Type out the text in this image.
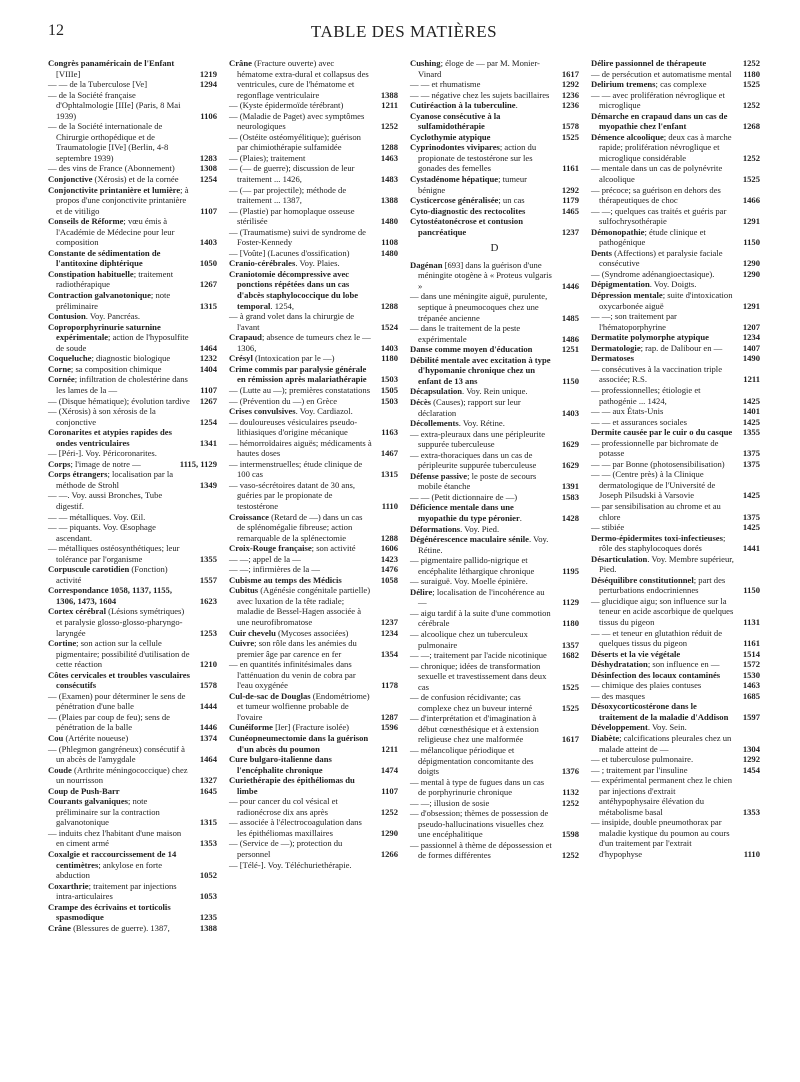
12	TABLE DES MATIÈRES
Congrès panaméricain de l'Enfant [VIIIe]	1219
— — de la Tuberculose [Ve]	1294
— de la Société française d'Ophtalmologie [IIIe] (Paris, 8 Mai 1939)	1106
— de la Société internationale de Chirurgie orthopédique et de Traumatologie [IVe] (Berlin, 4-8 septembre 1939)	1283
— des vins de France (Abonnement)	1308
Conjonctive (Xérosis) et de la cornée	1254
Conjonctivite printanière et lumière; à propos d'une conjonctivite printanière et de vitiligo	1107
Conseils de Réforme; vœu émis à l'Académie de Médecine pour leur composition	1403
Constante de sédimentation de l'antitoxine diphtérique	1050
Constipation habituelle; traitement radiothérapique	1267
Contraction galvanotonique; note préliminaire	1315
Contusion. Voy. Pancréas.
Coproporphyrinurie saturnine expérimentale; action de l'hyposulfite de soude	1464
Coqueluche; diagnostic biologique	1232
Corne; sa composition chimique	1404
Cornée; infiltration de cholestérine dans les lames de la —	1107
— (Disque hématique); évolution tardive	1267
— (Xérosis) à son xérosis de la conjonctive	1254
Coronarites et atypies rapides des ondes ventriculaires	1341
— [Péri-]. Voy. Péricoronarites.
Corps; l'image de notre —	1115, 1129
Corps étrangers; localisation par la méthode de Strohl	1349
— —. Voy. aussi Bronches, Tube digestif.
— — métalliques. Voy. Œil.
— — piquants. Voy. Œsophage ascendant.
— métalliques ostéosynthétiques; leur tolérance par l'organisme	1355
Corpuscule carotidien (Fonction) activité	1557
Correspondance 1058, 1137, 1155, 1306, 1473, 1604	1623
Cortex cérébral (Lésions symétriques) et paralysie glosso-glosso-pharyngo-laryngée	1253
Cortine; son action sur la cellule pigmentaire; possibilité d'utilisation de cette réaction	1210
Côtes cervicales et troubles vasculaires consécutifs	1578
— (Examen) pour déterminer le sens de pénétration d'une balle	1444
— (Plaies par coup de feu); sens de pénétration de la balle	1446
Cou (Artérite noueuse)	1374
— (Phlegmon gangréneux) consécutif à un abcès de l'amygdale	1464
Coude (Arthrite méningococcique) chez un nourrisson	1327
Coup de Push-Barr	1645
Courants galvaniques; note préliminaire sur la contraction galvanotonique	1315
— induits chez l'habitant d'une maison en ciment armé	1353
Coxalgie et raccourcissement de 14 centimètres; ankylose en forte abduction	1052
Coxarthrie; traitement par injections intra-articulaires	1053
Crampe des écrivains et torticolis spasmodique	1235
Crâne (Blessures de guerre). 1387,	1388
Crâne (Fracture ouverte) avec hématome extra-dural et collapsus des ventricules, cure de l'hématome et regonflage ventriculaire	1388
— (Kyste épidermoïde térébrant)	1211
— (Maladie de Paget) avec symptômes neurologiques	1252
— (Ostéite ostéomyélitique); guérison par chimiothérapie sulfamidée	1288
— (Plaies); traitement	1463
— (— de guerre); discussion de leur traitement ... 1426,	1483
— (— par projectile); méthode de traitement ... 1387,	1388
— (Plastie) par homoplaque osseuse stérilisée	1480
— (Traumatisme) suivi de syndrome de Foster-Kennedy	1108
— [Voûte] (Lacunes d'ossification)	1480
Cranio-cérébrales. Voy. Plaies.
Craniotomie décompressive avec ponctions répétées dans un cas d'abcès staphylococcique du lobe temporal. 1254,	1288
— à grand volet dans la chirurgie de l'avant	1524
Crapaud; absence de tumeurs chez le — 1306,	1403
Crésyl (Intoxication par le —)	1180
Crime commis par paralysie générale en rémission après malariathérapie	1503
— (Lutte au —); premières constatations	1505
— (Prévention du —) en Grèce	1503
Crises convulsives. Voy. Cardiazol.
— douloureuses vésiculaires pseudo-lithiasiques d'origine mécanique	1163
— hémorroïdaires aiguës; médicaments à hautes doses	1467
— intermenstruelles; étude clinique de 100 cas	1315
— vaso-sécrétoires datant de 30 ans, guéries par le propionate de testostérone	1110
Croissance (Retard de —) dans un cas de splénomégalie fibreuse; action remarquable de la splénectomie	1288
Croix-Rouge française; son activité	1606
— —; appel de la —	1423
— —; infirmières de la —	1476
Cubisme au temps des Médicis	1058
Cubitus (Agénésie congénitale partielle) avec luxation de la tête radiale; maladie de Bessel-Hagen associée à une neurofibromatose	1237
Cuir chevelu (Mycoses associées)	1234
Cuivre; son rôle dans les anémies du premier âge par carence en fer	1354
— en quantités infinitésimales dans l'atténuation du venin de cobra par l'eau oxygénée	1178
Cul-de-sac de Douglas (Endométriome) et tumeur wolfienne probable de l'ovaire	1287
Cunéiforme [Ier] (Fracture isolée)	1596
Cunéopneumectomie dans la guérison d'un abcès du poumon	1211
Cure bulgaro-italienne dans l'encéphalite chronique	1474
Curiethérapie des épithéliomas du limbe	1107
— pour cancer du col vésical et radionécrose dix ans après	1252
— associée à l'électrocoagulation dans les épithéliomas maxillaires	1290
— (Service de —); protection du personnel	1266
— [Télé-]. Voy. Téléchuriethérapie.
Cushing; éloge de — par M. Monier-Vinard	1617
— — et rhumatisme	1292
— — négative chez les sujets bacillaires	1236
Cutiréaction à la tuberculine.	1236
Cyanose consécutive à la sulfamidothérapie	1578
Cyclothymie atypique	1525
Cyprinodontes vivipares; action du propionate de testostérone sur les gonades des femelles	1161
Cystadénome hépatique; tumeur bénigne	1292
Cysticercose généralisée; un cas	1179
Cyto-diagnostic des rectocolites	1465
Cytostéatonécrose et contusion pancréatique	1237
D
Dagénan [693] dans la guérison d'une méningite otogène à « Proteus vulgaris »	1446
— dans une méningite aiguë, purulente, septique à pneumocoques chez une trépanée ancienne	1485
— dans le traitement de la peste expérimentale	1486
Danse comme moyen d'éducation	1251
Débilité mentale avec excitation à type d'hypomanie chronique chez un enfant de 13 ans	1150
Décapsulation. Voy. Rein unique.
Décès (Causes); rapport sur leur déclaration	1403
Décollements. Voy. Rétine.
— extra-pleuraux dans une péripleurite suppurée tuberculeuse	1629
— extra-thoraciques dans un cas de péripleurite suppurée tuberculeuse	1629
Défense passive; le poste de secours mobile étanche	1391
— — (Petit dictionnaire de —)	1583
Déficience mentale dans une myopathie du type péronier.	1428
Déformations. Voy. Pied.
Dégénérescence maculaire sénile. Voy. Rétine.
— pigmentaire pallido-nigrique et encéphalite léthargique chronique	1195
— suraiguë. Voy. Moelle épinière.
Délire; localisation de l'incohérence au —	1129
— aigu tardif à la suite d'une commotion cérébrale	1180
— alcoolique chez un tuberculeux pulmonaire	1357
— —; traitement par l'acide nicotinique	1682
— chronique; idées de transformation sexuelle et travestissement dans deux cas	1525
— de confusion récidivante; cas complexe chez un buveur interné	1525
— d'interprétation et d'imagination à début cœnesthésique et à extension religieuse chez une malformée	1617
— mélancolique périodique et dépigmentation concomitante des doigts	1376
— mental à type de fugues dans un cas de porphyrinurie chronique	1132
— —; illusion de sosie	1252
— d'obsession; thèmes de possession de pseudo-hallucinations visuelles chez une encéphalitique	1598
— passionnel à thème de dépossession et de formes différentes	1252
Délire passionnel de thérapeute	1252
— de persécution et automatisme mental	1180
Delirium tremens; cas complexe	1525
— — avec prolifération névroglique et microglique	1252
Démarche en crapaud dans un cas de myopathie chez l'enfant	1268
Démence alcoolique; deux cas à marche rapide; prolifération névroglique et microglique considérable	1252
— mentale dans un cas de polynévrite alcoolique	1525
— précoce; sa guérison en dehors des thérapeutiques de choc	1466
— —; quelques cas traités et guéris par sulfochrysothérapie	1291
Démonopathie; étude clinique et pathogénique	1150
Dents (Affections) et paralysie faciale consécutive	1290
— (Syndrome adénangioectasique).	1290
Dépigmentation. Voy. Doigts.
Dépression mentale; suite d'intoxication oxycarbonée aiguë	1291
— —; son traitement par l'hématoporphyrine	1207
Dermatite polymorphe atypique	1234
Dermatologie; rap. de Dalibour en —	1407
Dermatoses	1490
— consécutives à la vaccination triple associée; R.S.	1211
— professionnelles; étiologie et pathogénie ... 1424,	1425
— — aux États-Unis	1401
— — et assurances sociales	1425
Dermite causée par le cuir o du casque	1355
— professionnelle par bichromate de potasse	1375
— — par Bonne (photosensibilisation)	1375
— — (Centre près) à la Clinique dermatologique de l'Université de Joseph Pilsudski à Varsovie	1425
— par sensibilisation au chrome et au chlore	1375
— stibiée	1425
Dermo-épidermites toxi-infectieuses; rôle des staphylocoques dorés	1441
Désarticulation. Voy. Membre supérieur, Pied.
Déséquilibre constitutionnel; part des perturbations endocriniennes	1150
— glucidique aigu; son influence sur la teneur en acide ascorbique de quelques tissus du pigeon	1131
— — et teneur en glutathion réduit de quelques tissus du pigeon	1161
Déserts et la vie végétale	1514
Déshydratation; son influence en —	1572
Désinfection des locaux contaminés	1530
— chimique des plaies contuses	1463
— des masques	1685
Désoxycorticostérone dans le traitement de la maladie d'Addison	1597
Développement. Voy. Sein.
Diabète; calcifications pleurales chez un malade atteint de —	1304
— et tuberculose pulmonaire.	1292
— ; traitement par l'insuline	1454
— expérimental permanent chez le chien par injections d'extrait antéhypophysaire élévation du métabolisme basal	1353
— insipide, double pneumothorax par maladie kystique du poumon au cours d'un traitement par l'extrait d'hypophyse	1110
